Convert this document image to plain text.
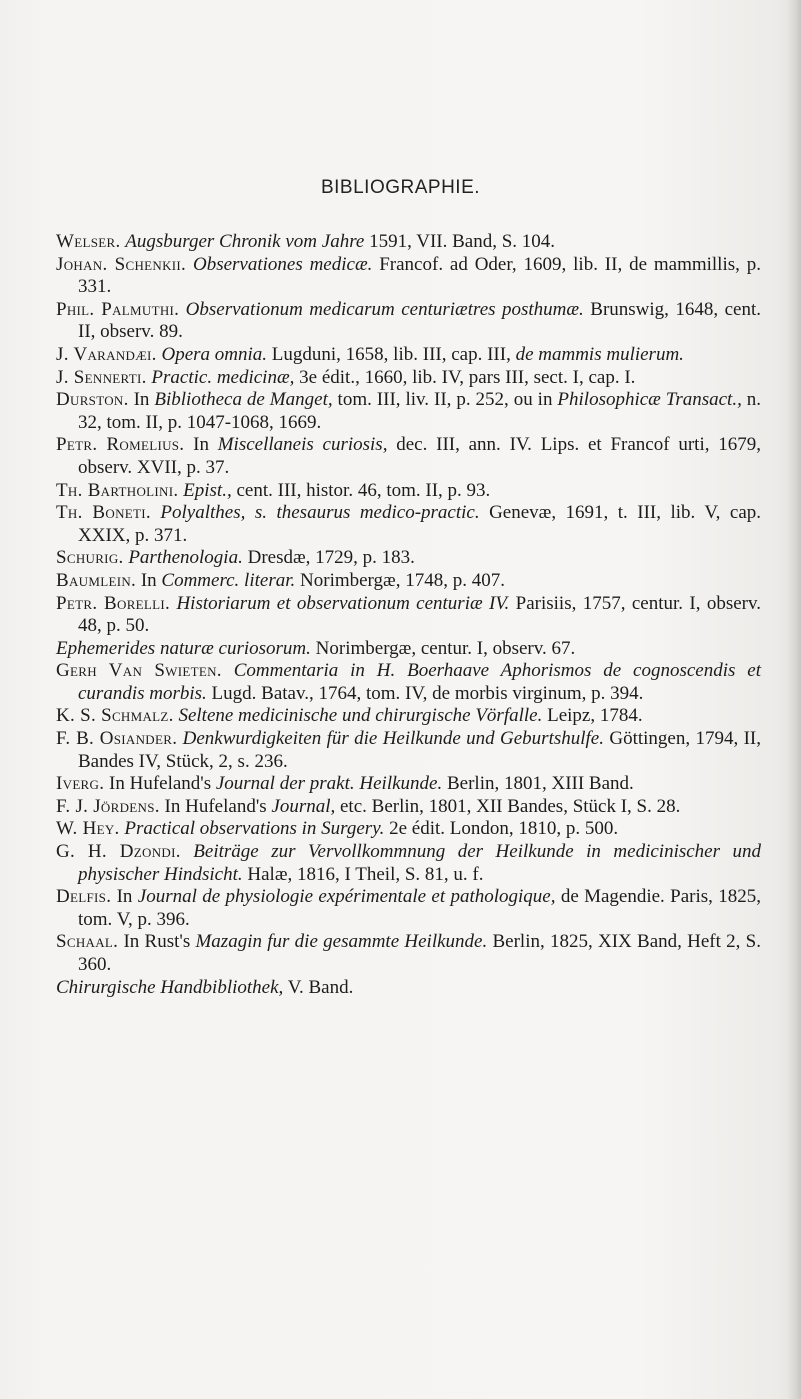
BIBLIOGRAPHIE.

Welser. Augsburger Chronik vom Jahre 1591, VII. Band, S. 104.

Johan. Schenkii. Observationes medicæ. Francof. ad Oder, 1609, lib. II, de mammillis, p. 331.

Phil. Palmuthi. Observationum medicarum centuriætres posthumæ. Brunswig, 1648, cent. II, observ. 89.

J. Varandæi. Opera omnia. Lugduni, 1658, lib. III, cap. III, de mammis mulierum.

J. Sennerti. Practic. medicinæ, 3e édit., 1660, lib. IV, pars III, sect. I, cap. I.

Durston. In Bibliotheca de Manget, tom. III, liv. II, p. 252, ou in Philosophicæ Transact., n. 32, tom. II, p. 1047-1068, 1669.

Petr. Romelius. In Miscellaneis curiosis, dec. III, ann. IV. Lips. et Francof urti, 1679, observ. XVII, p. 37.

Th. Bartholini. Epist., cent. III, histor. 46, tom. II, p. 93.

Th. Boneti. Polyalthes, s. thesaurus medico-practic. Genevæ, 1691, t. III, lib. V, cap. XXIX, p. 371.

Schurig. Parthenologia. Dresdæ, 1729, p. 183.

Baumlein. In Commerc. literar. Norimbergæ, 1748, p. 407.

Petr. Borelli. Historiarum et observationum centuriæ IV. Parisiis, 1757, centur. I, observ. 48, p. 50.

Ephemerides naturæ curiosorum. Norimbergæ, centur. I, observ. 67.

Gerh Van Swieten. Commentaria in H. Boerhaave Aphorismos de cognoscendis et curandis morbis. Lugd. Batav., 1764, tom. IV, de morbis virginum, p. 394.

K. S. Schmalz. Seltene medicinische und chirurgische Vörfalle. Leipz, 1784.

F. B. Osiander. Denkwurdigkeiten für die Heilkunde und Geburtshulfe. Göttingen, 1794, II, Bandes IV, Stück, 2, s. 236.

Iverg. In Hufeland's Journal der prakt. Heilkunde. Berlin, 1801, XIII Band.

F. J. Jördens. In Hufeland's Journal, etc. Berlin, 1801, XII Bandes, Stück I, S. 28.

W. Hey. Practical observations in Surgery. 2e édit. London, 1810, p. 500.

G. H. Dzondi. Beiträge zur Vervollkommnung der Heilkunde in medicinischer und physischer Hindsicht. Halæ, 1816, I Theil, S. 81, u. f.

Delfis. In Journal de physiologie expérimentale et pathologique, de Magendie. Paris, 1825, tom. V, p. 396.

Schaal. In Rust's Mazagin fur die gesammte Heilkunde. Berlin, 1825, XIX Band, Heft 2, S. 360.

Chirurgische Handbibliothek, V. Band.
